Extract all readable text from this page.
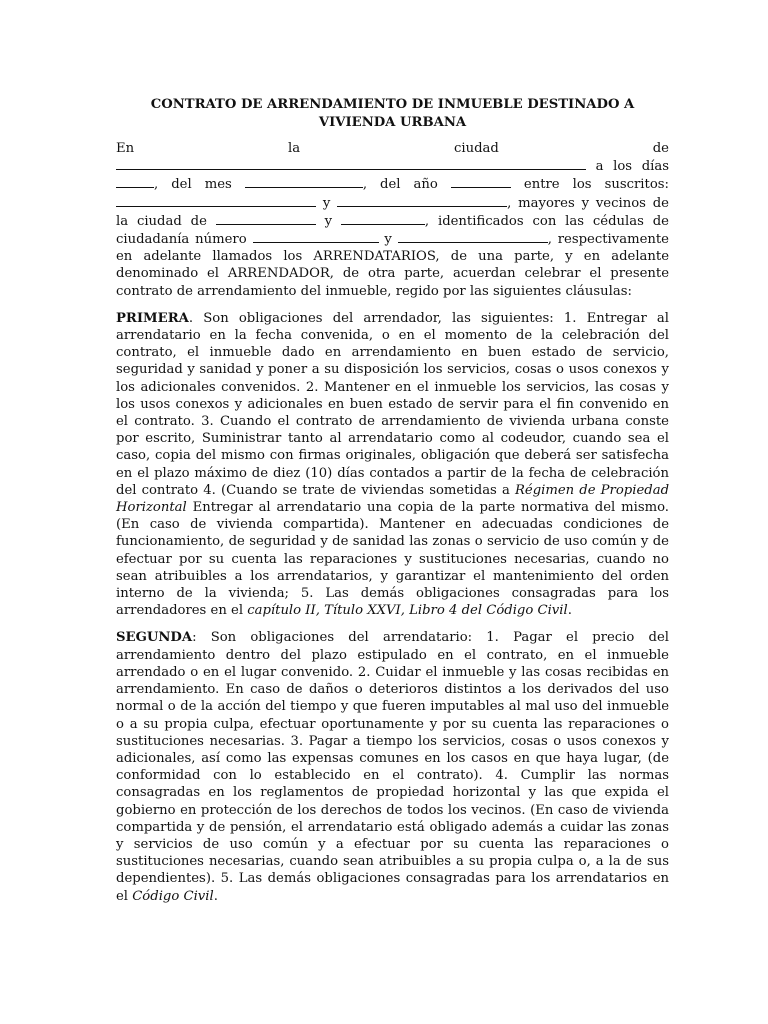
CONTRATO DE ARRENDAMIENTO DE INMUEBLE DESTINADO A VIVIENDA URBANA
En la ciudad de  a los días , del mes	, del año	entre los suscritos:  y	, mayores y vecinos de la ciudad de	y	, identificados con las cédulas de ciudadanía número	y	, respectivamente en adelante llamados los ARRENDATARIOS, de una parte, y en adelante denominado el ARRENDADOR, de otra parte, acuerdan celebrar el presente contrato de arrendamiento del inmueble, regido por las siguientes cláusulas:
PRIMERA. Son obligaciones del arrendador, las siguientes: 1. Entregar al arrendatario en la fecha convenida, o en el momento de la celebración del contrato, el inmueble dado en arrendamiento en buen estado de servicio, seguridad y sanidad y poner a su disposición los servicios, cosas o usos conexos y los adicionales convenidos. 2. Mantener en el inmueble los servicios, las cosas y los usos conexos y adicionales en buen estado de servir para el fin convenido en el contrato. 3. Cuando el contrato de arrendamiento de vivienda urbana conste por escrito, Suministrar tanto al arrendatario como al codeudor, cuando sea el caso, copia del mismo con firmas originales, obligación que deberá ser satisfecha en el plazo máximo de diez (10) días contados a partir de la fecha de celebración del contrato 4. (Cuando se trate de viviendas sometidas a Régimen de Propiedad Horizontal Entregar al arrendatario una copia de la parte normativa del mismo. (En caso de vivienda compartida). Mantener en adecuadas condiciones de funcionamiento, de seguridad y de sanidad las zonas o servicio de uso común y de efectuar por su cuenta las reparaciones y sustituciones necesarias, cuando no sean atribuibles a los arrendatarios, y garantizar el mantenimiento del orden interno de la vivienda; 5. Las demás obligaciones consagradas para los arrendadores en el capítulo II, Título XXVI, Libro 4 del Código Civil.
SEGUNDA: Son obligaciones del arrendatario: 1. Pagar el precio del arrendamiento dentro del plazo estipulado en el contrato, en el inmueble arrendado o en el lugar convenido. 2. Cuidar el inmueble y las cosas recibidas en arrendamiento. En caso de daños o deterioros distintos a los derivados del uso normal o de la acción del tiempo y que fueren imputables al mal uso del inmueble o a su propia culpa, efectuar oportunamente y por su cuenta las reparaciones o sustituciones necesarias. 3. Pagar a tiempo los servicios, cosas o usos conexos y adicionales, así como las expensas comunes en los casos en que haya lugar, (de conformidad con lo establecido en el contrato). 4. Cumplir las normas consagradas en los reglamentos de propiedad horizontal y las que expida el gobierno en protección de los derechos de todos los vecinos. (En caso de vivienda compartida y de pensión, el arrendatario está obligado además a cuidar las zonas y servicios de uso común y a efectuar por su cuenta las reparaciones o sustituciones necesarias, cuando sean atribuibles a su propia culpa o, a la de sus dependientes). 5. Las demás obligaciones consagradas para los arrendatarios en el Código Civil.
